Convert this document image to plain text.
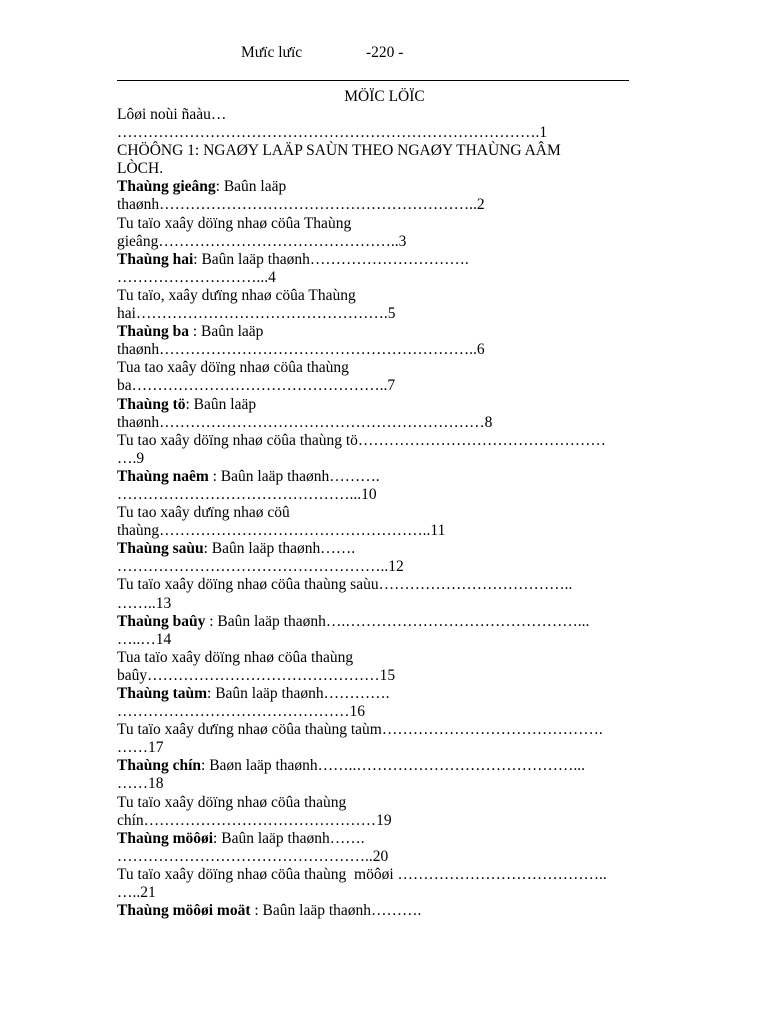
Mưïc lưïc	-220 -
MÖÏC LÖÏC
Lôøi noùi ñaàu…
……………………………………………………………………….1
CHÖÔNG 1: NGAØY LAÄP SAÙN THEO NGAØY THAÙNG AÂM
LÒCH.
Thaùng gieâng: Baûn laäp
thaønh……………………………………………………..2
Tu taïo xaây döïng nhaø cöûa Thaùng
gieâng………………………………………..3
Thaùng hai: Baûn laäp thaønh………………………….
………………………...4
Tu taïo, xaây dưïng nhaø cöûa Thaùng
hai………………………………………….5
Thaùng ba : Baûn laäp
thaønh……………………………………………………..6
Tua tao xaây döïng nhaø cöûa thaùng
ba…………………………………………..7
Thaùng tö: Baûn laäp
thaønh………………………………………………………8
Tu tao xaây döïng nhaø cöûa thaùng tö…………………………………………
….9
Thaùng naêm : Baûn laäp thaønh……….
………………………………………...10
Tu tao xaây dưïng nhaø cöû
thaùng……………………………………………..11
Thaùng saùu: Baûn laäp thaønh…….
……………………………………………..12
Tu taïo xaây döïng nhaø cöûa thaùng saùu………………………………..
……..13
Thaùng baûy : Baûn laäp thaønh….………………………………………...
…..…14
Tua taïo xaây döïng nhaø cöûa thaùng
baûy………………………………………15
Thaùng taùm: Baûn laäp thaønh………….
………………………………………16
Tu taïo xaây dưïng nhaø cöûa thaùng taùm…………………………………….
……17
Thaùng chín: Baøn laäp thaønh……..……………………………………...
……18
Tu taïo xaây döïng nhaø cöûa thaùng
chín………………………………………19
Thaùng möôøi: Baûn laäp thaønh…….
…………………………………………..20
Tu taïo xaây döïng nhaø cöûa thaùng  möôøi …………………………………..
…..21
Thaùng möôøi moät : Baûn laäp thaønh……….
